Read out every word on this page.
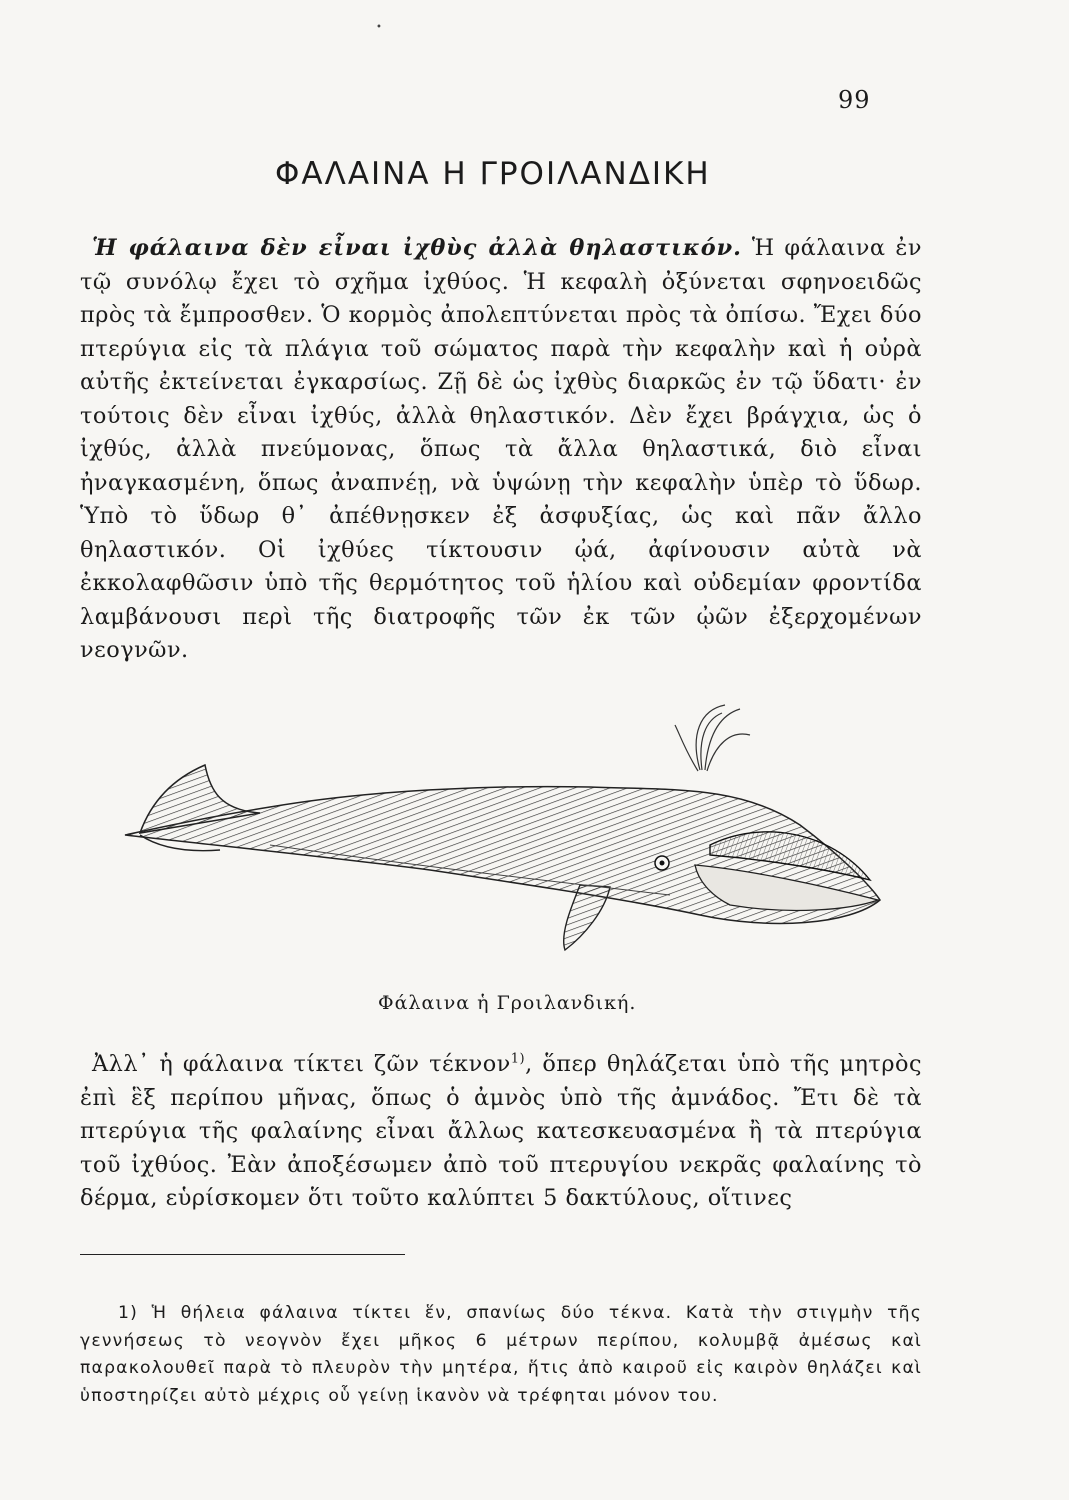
•
99
ΦΑΛΑΙΝΑ Η ΓΡΟΙΛΑΝΔΙΚΗ

Ἡ φάλαινα δὲν εἶναι ἰχθὺς ἀλλὰ θηλαστικόν. Ἡ φάλαινα ἐν τῷ συνόλῳ ἔχει τὸ σχῆμα ἰχθύος. Ἡ κεφαλὴ ὀξύνεται σφηνοειδῶς πρὸς τὰ ἔμπροσθεν. Ὁ κορμὸς ἀπολεπτύνεται πρὸς τὰ ὀπίσω. Ἔχει δύο πτερύγια εἰς τὰ πλάγια τοῦ σώματος παρὰ τὴν κεφαλὴν καὶ ἡ οὐρὰ αὐτῆς ἐκτείνεται ἐγκαρσίως. Ζῇ δὲ ὡς ἰχθὺς διαρκῶς ἐν τῷ ὕδατι· ἐν τούτοις δὲν εἶναι ἰχθύς, ἀλλὰ θηλαστικόν. Δὲν ἔχει βράγχια, ὡς ὁ ἰχθύς, ἀλλὰ πνεύμονας, ὅπως τὰ ἄλλα θηλαστικά, διὸ εἶναι ἠναγκασμένη, ὅπως ἀναπνέῃ, νὰ ὑψώνῃ τὴν κεφαλὴν ὑπὲρ τὸ ὕδωρ. Ὑπὸ τὸ ὕδωρ θ᾽ ἀπέθνῃσκεν ἐξ ἀσφυξίας, ὡς καὶ πᾶν ἄλλο θηλαστικόν. Οἱ ἰχθύες τίκτουσιν ᾠά, ἀφίνουσιν αὐτὰ νὰ ἐκκολαφθῶσιν ὑπὸ τῆς θερμότητος τοῦ ἡλίου καὶ οὐδεμίαν φροντίδα λαμβάνουσι περὶ τῆς διατροφῆς τῶν ἐκ τῶν ᾠῶν ἐξερχομένων νεογνῶν.

Φάλαινα ἡ Γροιλανδική.

Ἀλλ᾽ ἡ φάλαινα τίκτει ζῶν τέκνον$^{1)}$, ὅπερ θηλάζεται ὑπὸ τῆς μητρὸς ἐπὶ ἓξ περίπου μῆνας, ὅπως ὁ ἀμνὸς ὑπὸ τῆς ἀμνάδος. Ἔτι δὲ τὰ πτερύγια τῆς φαλαίνης εἶναι ἄλλως κατεσκευασμένα ἢ τὰ πτερύγια τοῦ ἰχθύος. Ἐὰν ἀποξέσωμεν ἀπὸ τοῦ πτερυγίου νεκρᾶς φαλαίνης τὸ δέρμα, εὑρίσκομεν ὅτι τοῦτο καλύπτει 5 δακτύλους, οἵτινες

1) Ἡ θήλεια φάλαινα τίκτει ἕν, σπανίως δύο τέκνα. Κατὰ τὴν στιγμὴν τῆς γεννήσεως τὸ νεογνὸν ἔχει μῆκος 6 μέτρων περίπου, κολυμβᾷ ἀμέσως καὶ παρακολουθεῖ παρὰ τὸ πλευρὸν τὴν μητέρα, ἥτις ἀπὸ καιροῦ εἰς καιρὸν θηλάζει καὶ ὑποστηρίζει αὐτὸ μέχρις οὗ γείνῃ ἱκανὸν νὰ τρέφηται μόνον του.
